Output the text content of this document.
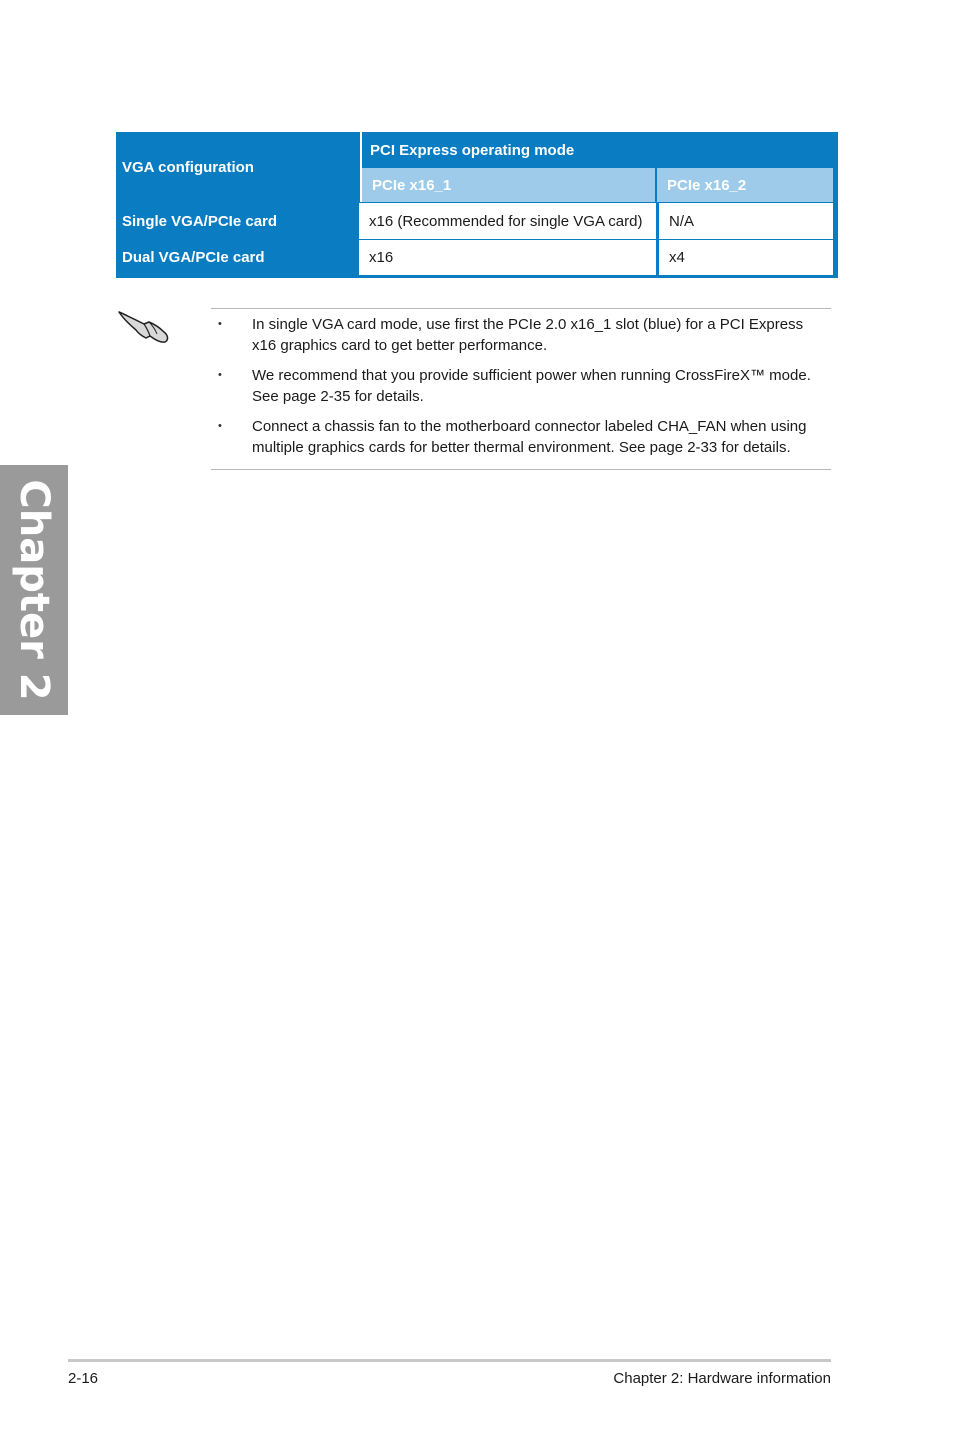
VGA configuration
PCI Express operating mode
PCIe x16_1	PCIe x16_2
Single VGA/PCIe card	x16 (Recommended for single VGA card)	N/A
Dual VGA/PCIe card	x16	x4
• In single VGA card mode, use first the PCIe 2.0 x16_1 slot (blue) for a PCI Express x16 graphics card to get better performance.
• We recommend that you provide sufficient power when running CrossFireX™ mode. See page 2-35 for details.
• Connect a chassis fan to the motherboard connector labeled CHA_FAN when using multiple graphics cards for better thermal environment. See page 2-33 for details.
Chapter 2
2-16	Chapter 2: Hardware information
